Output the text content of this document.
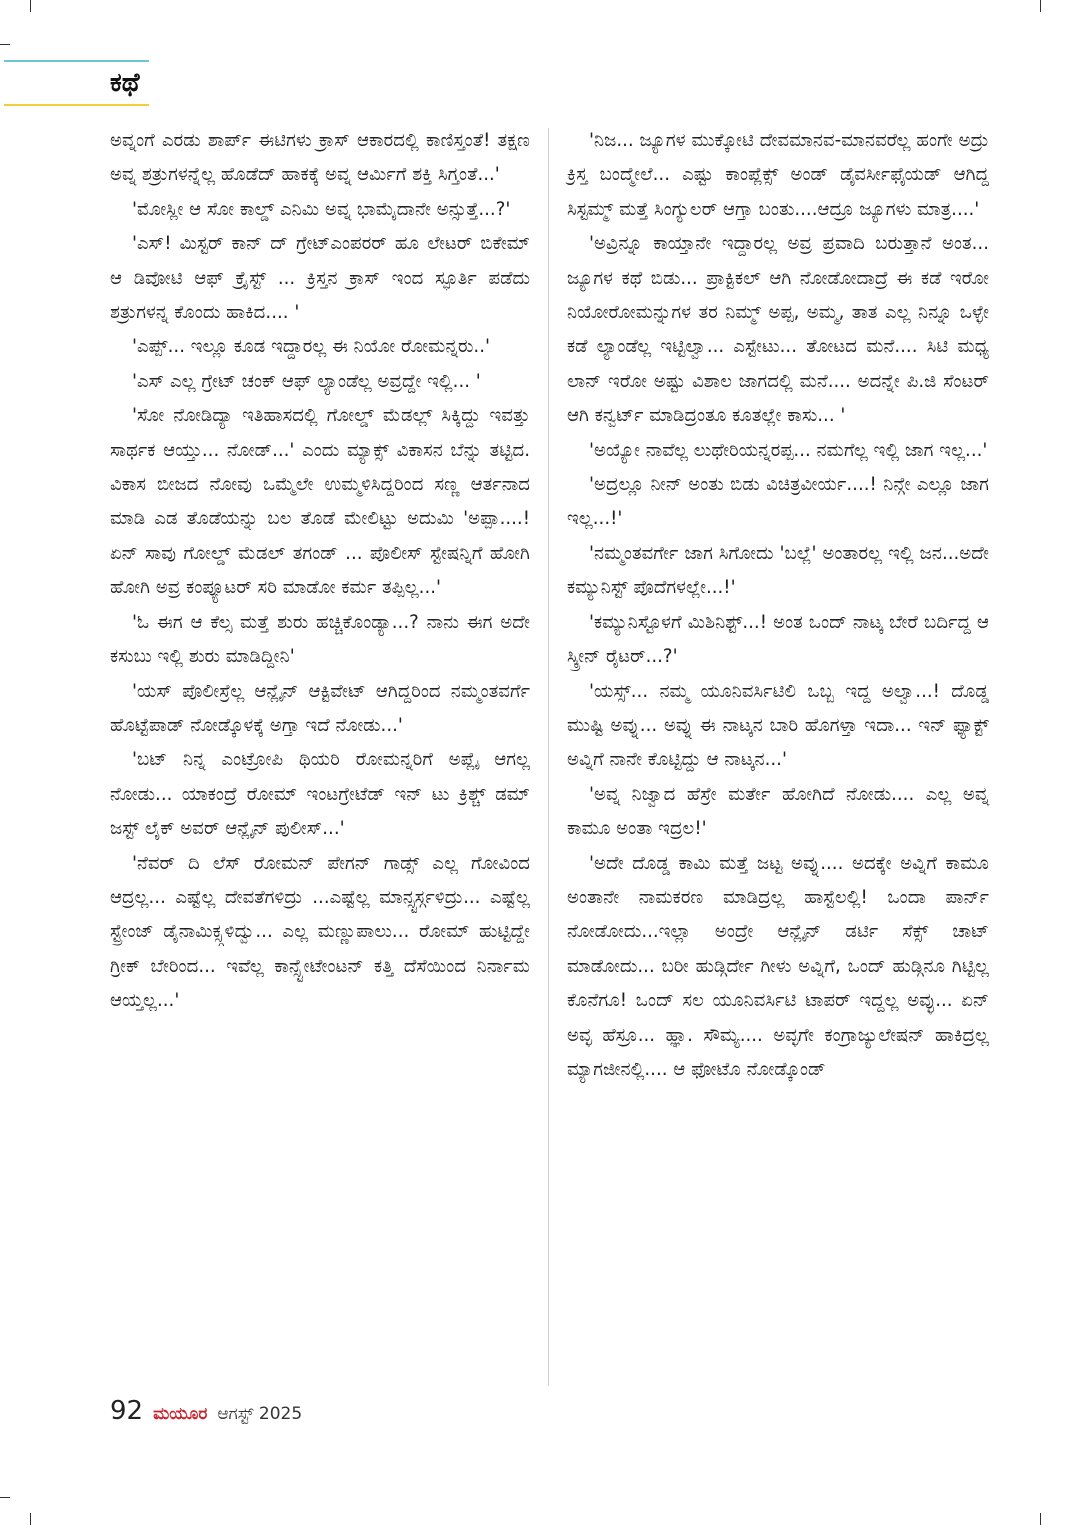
ಕಥೆ

ಅವ್ನಂಗೆ ಎರಡು ಶಾರ್ಪ್ ಈಟಿಗಳು ಕ್ರಾಸ್ ಆಕಾರದಲ್ಲಿ ಕಾಣಿಸ್ತಂತೆ! ತಕ್ಷಣ ಅವ್ನ ಶತ್ರುಗಳನ್ನೆಲ್ಲ ಹೊಡೆದ್ ಹಾಕಕ್ಕೆ ಅವ್ನ ಆರ್ಮಿಗೆ ಶಕ್ತಿ ಸಿಗ್ತಂತೆ...'

'ಮೋಸ್ಲೀ ಆ ಸೋ ಕಾಲ್ಡ್ ಎನಿಮಿ ಅವ್ನ ಭಾಮೈದಾನೇ ಅನ್ಸುತ್ತೆ...?'

'ಎಸ್! ಮಿಸ್ಟರ್ ಕಾನ್ ದ್ ಗ್ರೇಟ್ಎಂಪರರ್ ಹೂ ಲೇಟರ್ ಬಿಕೇಮ್ ಆ ಡಿವೋಟಿ ಆಫ್ ಕ್ರೈಸ್ಟ್ ... ಕ್ರಿಸ್ತನ ಕ್ರಾಸ್ ಇಂದ ಸ್ಫೂರ್ತಿ ಪಡೆದು ಶತ್ರುಗಳನ್ನ ಕೊಂದು ಹಾಕಿದ.... '

'ಎಪ್ಪ್... ಇಲ್ಲೂ ಕೂಡ ಇದ್ದಾರಲ್ಲ ಈ ನಿಯೋ ರೋಮನ್ನರು..'

'ಎಸ್ ಎಲ್ಲ ಗ್ರೇಟ್ ಚಂಕ್ ಆಫ್ ಲ್ಯಾಂಡೆಲ್ಲ ಅವ್ರದ್ದೇ ಇಲ್ಲಿ... '

'ಸೋ ನೋಡಿದ್ಯಾ ಇತಿಹಾಸದಲ್ಲಿ ಗೋಲ್ಡ್ ಮೆಡಲ್ಲ್ ಸಿಕ್ಕಿದ್ದು ಇವತ್ತು ಸಾರ್ಥಕ ಆಯ್ತು... ನೋಡ್...' ಎಂದು ಮ್ಯಾಕ್ಸ್ ವಿಕಾಸನ ಬೆನ್ನು ತಟ್ಟಿದ. ವಿಕಾಸ ಬೀಜದ ನೋವು ಒಮ್ಮೆಲೇ ಉಮ್ಮಳಿಸಿದ್ದರಿಂದ ಸಣ್ಣ ಆರ್ತನಾದ ಮಾಡಿ ಎಡ ತೊಡೆಯನ್ನು ಬಲ ತೊಡೆ ಮೇಲಿಟ್ಟು ಅದುಮಿ 'ಅಪ್ಪಾ....! ಏನ್ ಸಾವು ಗೋಲ್ಡ್ ಮೆಡಲ್ ತಗಂಡ್ ... ಪೊಲೀಸ್ ಸ್ಟೇಷನ್ನಿಗೆ ಹೋಗಿ ಹೋಗಿ ಅವ್ರ ಕಂಪ್ಯೂಟರ್ ಸರಿ ಮಾಡೋ ಕರ್ಮ ತಪ್ಪಿಲ್ಲ...'

'ಓ ಈಗ ಆ ಕೆಲ್ಸ ಮತ್ತೆ ಶುರು ಹಚ್ಚಿಕೊಂಡ್ಯಾ...? ನಾನು ಈಗ ಅದೇ ಕಸುಬು ಇಲ್ಲಿ ಶುರು ಮಾಡಿದ್ದೀನಿ'

'ಯಸ್ ಪೊಲೀಸ್ರೆಲ್ಲ ಆನ್ಲೈನ್ ಆಕ್ಟಿವೇಟ್ ಆಗಿದ್ದರಿಂದ ನಮ್ಮಂತವರ್ಗೆ ಹೊಟ್ಟೆಪಾಡ್ ನೋಡ್ಕೊಳಕ್ಕೆ ಅಗ್ತಾ ಇದೆ ನೋಡು...'

'ಬಟ್ ನಿನ್ನ ಎಂಟ್ರೋಪಿ ಥಿಯರಿ ರೋಮನ್ನರಿಗೆ ಅಪ್ಲೈ ಆಗಲ್ಲ ನೋಡು... ಯಾಕಂದ್ರೆ ರೋಮ್ ಇಂಟಗ್ರೇಟೆಡ್ ಇನ್ ಟು ಕ್ರಿಶ್ಚ್ ಡಮ್ ಜಸ್ಟ್ ಲೈಕ್ ಅವರ್ ಆನ್ಲೈನ್ ಪುಲೀಸ್...'

'ನೆವರ್ ದಿ ಲೆಸ್ ರೋಮನ್ ಪೇಗನ್ ಗಾಡ್ಸ್ ಎಲ್ಲ ಗೋವಿಂದ ಆದ್ರಲ್ಲ... ಎಷ್ಟೆಲ್ಲ ದೇವತೆಗಳಿದ್ರು ...ಎಷ್ಟೆಲ್ಲ ಮಾನ್ಸ್ಟರ್ಸ್ಗಳಿದ್ರು... ಎಷ್ಟೆಲ್ಲ ಸ್ಟ್ರೇಂಜ್ ಡೈನಾಮಿಕ್ಸ್ಗಳಿದ್ವು... ಎಲ್ಲ ಮಣ್ಣುಪಾಲು... ರೋಮ್ ಹುಟ್ಟಿದ್ದೇ ಗ್ರೀಕ್ ಬೇರಿಂದ... ಇವೆಲ್ಲ ಕಾನ್ಸ್ಟೇಟೇಂಟನ್ ಕತ್ತಿ ದೆಸೆಯಿಂದ ನಿರ್ನಾಮ ಆಯ್ತಲ್ಲ...'

'ನಿಜ... ಜ್ಯೂಗಳ ಮುಕ್ಕೋಟಿ ದೇವಮಾನವ-ಮಾನವರೆಲ್ಲ ಹಂಗೇ ಅದ್ರು ಕ್ರಿಸ್ತ ಬಂದ್ಮೇಲೆ... ಎಷ್ಟು ಕಾಂಪ್ಲೆಕ್ಸ್ ಅಂಡ್ ಡೈವರ್ಸೀಫೈಯಡ್ ಆಗಿದ್ದ ಸಿಸ್ಟಮ್ಮ್ ಮತ್ತೆ ಸಿಂಗ್ಯುಲರ್ ಆಗ್ತಾ ಬಂತು....ಆದ್ರೂ ಜ್ಯೂಗಳು ಮಾತ್ರ....'

'ಅವ್ರಿನ್ನೂ ಕಾಯ್ತಾನೇ ಇದ್ದಾರಲ್ಲ ಅವ್ರ ಪ್ರವಾದಿ ಬರುತ್ತಾನೆ ಅಂತ... ಜ್ಯೂಗಳ ಕಥೆ ಬಿಡು... ಪ್ರಾಕ್ಟಿಕಲ್ ಆಗಿ ನೋಡೋದಾದ್ರೆ ಈ ಕಡೆ ಇರೋ ನಿಯೋರೋಮನ್ನುಗಳ ತರ ನಿಮ್ಮ್ ಅಪ್ಪ, ಅಮ್ಮ, ತಾತ ಎಲ್ಲ ನಿನ್ನೂ ಒಳ್ಳೇ ಕಡೆ ಲ್ಯಾಂಡೆಲ್ಲ ಇಟ್ಟಿಲ್ವಾ... ಎಸ್ಟೇಟು... ತೋಟದ ಮನೆ.... ಸಿಟಿ ಮಧ್ಯ ಲಾನ್ ಇರೋ ಅಷ್ಟು ವಿಶಾಲ ಜಾಗದಲ್ಲಿ ಮನೆ.... ಅದನ್ನೇ ಪಿ.ಜಿ ಸೆಂಟರ್ ಆಗಿ ಕನ್ವರ್ಟ್ ಮಾಡಿದ್ರಂತೂ ಕೂತಲ್ಲೇ ಕಾಸು... '

'ಅಯ್ಯೋ ನಾವೆಲ್ಲ ಲುಥೇರಿಯನ್ನರಪ್ಪ... ನಮಗೆಲ್ಲ ಇಲ್ಲಿ ಜಾಗ ಇಲ್ಲ...'

'ಅದ್ರಲ್ಲೂ ನೀನ್ ಅಂತು ಬಿಡು ವಿಚಿತ್ರವೀರ್ಯ....! ನಿನ್ಗೇ ಎಲ್ಲೂ ಜಾಗ ಇಲ್ಲ...!'

'ನಮ್ಮಂತವರ್ಗೇ ಜಾಗ ಸಿಗೋದು 'ಬಲ್ಲೆ' ಅಂತಾರಲ್ಲ ಇಲ್ಲಿ ಜನ...ಅದೇ ಕಮ್ಯುನಿಸ್ಟ್ ಪೊದೆಗಳಲ್ಲೇ...!'

'ಕಮ್ಯುನಿಸ್ಟೊಳಗೆ ಮಿಶಿನಿಶ್ಟ್...! ಅಂತ ಒಂದ್ ನಾಟ್ಕ ಬೇರೆ ಬರ್ದಿದ್ದ ಆ ಸ್ಕ್ರೀನ್ ರೈಟರ್...?'

'ಯಸ್ಸ್... ನಮ್ಮ ಯೂನಿವರ್ಸಿಟಿಲಿ ಒಬ್ಬ ಇದ್ದ ಅಲ್ವಾ...! ದೊಡ್ಡ ಮುಷ್ಟಿ ಅವ್ನು... ಅವ್ನು ಈ ನಾಟ್ಕನ ಬಾರಿ ಹೊಗಳ್ತಾ ಇದಾ... ಇನ್ ಫ್ಯಾಕ್ಟ್ ಅವ್ನಿಗೆ ನಾನೇ ಕೊಟ್ಟಿದ್ದು ಆ ನಾಟ್ಕನ...'

'ಅವ್ನ ನಿಜ್ವಾದ ಹೆಸ್ರೇ ಮರ್ತೇ ಹೋಗಿದೆ ನೋಡು.... ಎಲ್ಲ ಅವ್ನ ಕಾಮೂ ಅಂತಾ ಇದ್ರಲ!'

'ಅದೇ ದೊಡ್ಡ ಕಾಮಿ ಮತ್ತೆ ಜಟ್ಟ ಅವ್ನು.... ಅದಕ್ಕೇ ಅವ್ನಿಗೆ ಕಾಮೂ ಅಂತಾನೇ ನಾಮಕರಣ ಮಾಡಿದ್ರಲ್ಲ ಹಾಸ್ಟೆಲಲ್ಲಿ! ಒಂದಾ ಪಾರ್ನ್ ನೋಡೋದು...ಇಲ್ಲಾ ಅಂದ್ರೇ ಆನ್ಲೈನ್ ಡರ್ಟಿ ಸೆಕ್ಸ್ ಚಾಟ್ ಮಾಡೋದು... ಬರೀ ಹುಡ್ಗಿರ್ದೇ ಗೀಳು ಅವ್ನಿಗೆ, ಒಂದ್ ಹುಡ್ಗಿನೂ ಗಿಟ್ಟಿಲ್ಲ ಕೊನೆಗೂ! ಒಂದ್ ಸಲ ಯೂನಿವರ್ಸಿಟಿ ಟಾಪರ್ ಇದ್ದಲ್ಲ ಅವ್ಳು... ಏನ್ ಅವ್ಳ ಹೆಸ್ರೂ... ಹ್ಞಾ. ಸೌಮ್ಯ.... ಅವ್ಳಗೇ ಕಂಗ್ರಾಜ್ಯುಲೇಷನ್ ಹಾಕಿದ್ರಲ್ಲ ಮ್ಯಾಗಜೀನಲ್ಲಿ.... ಆ ಫೋಟೊ ನೋಡ್ಕೊಂಡ್

92 ಮಯೂರ ಆಗಸ್ಟ್ 2025
